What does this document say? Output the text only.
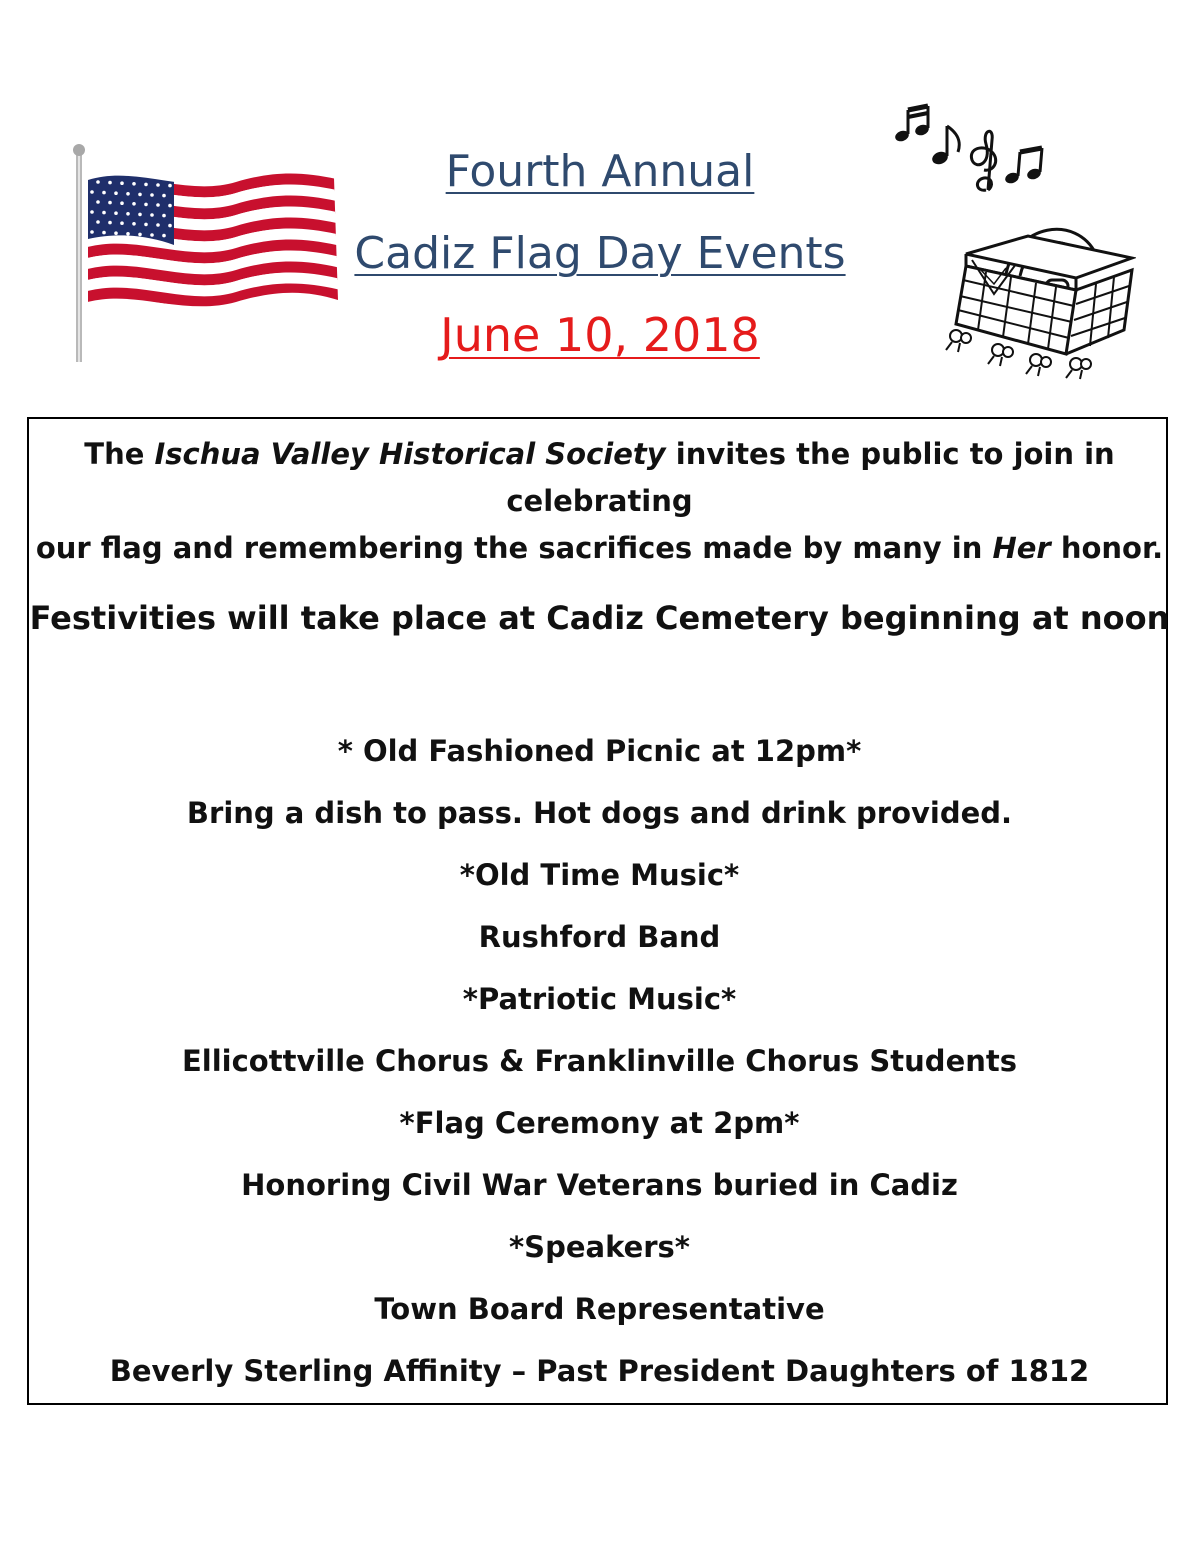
Fourth Annual
Cadiz Flag Day Events
June 10, 2018
The Ischua Valley Historical Society invites the public to join in celebrating
our flag and remembering the sacrifices made by many in Her honor.
Festivities will take place at Cadiz Cemetery beginning at noon
* Old Fashioned Picnic at 12pm*
Bring a dish to pass. Hot dogs and drink provided.
*Old Time Music*
Rushford Band
*Patriotic Music*
Ellicottville Chorus & Franklinville Chorus Students
*Flag Ceremony at 2pm*
Honoring Civil War Veterans buried in Cadiz
*Speakers*
Town Board Representative
Beverly Sterling Affinity – Past President Daughters of 1812
